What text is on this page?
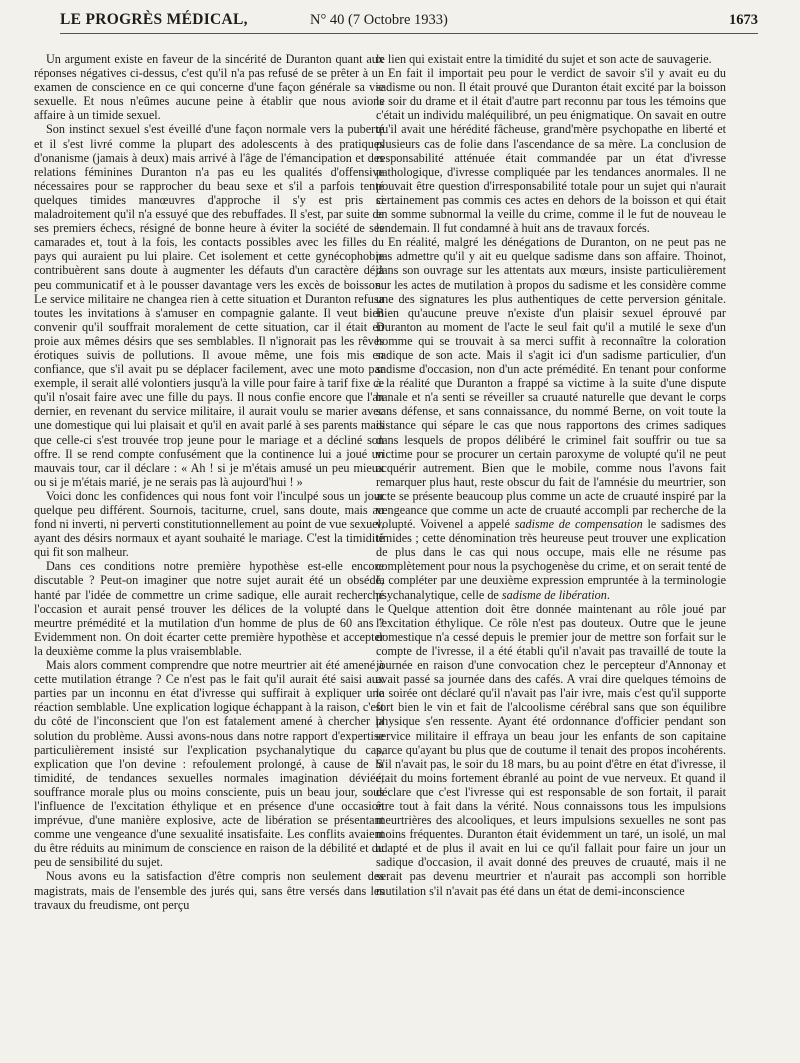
LE PROGRÈS MÉDICAL,	N° 40 (7 Octobre 1933)	1673

Un argument existe en faveur de la sincérité de Duranton quant aux réponses négatives ci-dessus, c'est qu'il n'a pas refusé de se prêter à un examen de conscience en ce qui concerne d'une façon générale sa vie sexuelle. Et nous n'eûmes aucune peine à établir que nous avions affaire à un timide sexuel.

Son instinct sexuel s'est éveillé d'une façon normale vers la puberté et il s'est livré comme la plupart des adolescents à des pratiques d'onanisme (jamais à deux) mais arrivé à l'âge de l'émancipation et des relations féminines Duranton n'a pas eu les qualités d'offensive nécessaires pour se rapprocher du beau sexe et s'il a parfois tenté quelques timides manœuvres d'approche il s'y est pris si maladroitement qu'il n'a essuyé que des rebuffades. Il s'est, par suite de ses premiers échecs, résigné de bonne heure à éviter la société de ses camarades et, tout à la fois, les contacts possibles avec les filles du pays qui auraient pu lui plaire. Cet isolement et cette gynécophobie contribuèrent sans doute à augmenter les défauts d'un caractère déjà peu communicatif et à le pousser davantage vers les excès de boisson. Le service militaire ne changea rien à cette situation et Duranton refusa toutes les invitations à s'amuser en compagnie galante. Il veut bien convenir qu'il souffrait moralement de cette situation, car il était en proie aux mêmes désirs que ses semblables. Il n'ignorait pas les rêves érotiques suivis de pollutions. Il avoue même, une fois mis en confiance, que s'il avait pu se déplacer facilement, avec une moto par exemple, il serait allé volontiers jusqu'à la ville pour faire à tarif fixe ce qu'il n'osait faire avec une fille du pays. Il nous confie encore que l'an dernier, en revenant du service militaire, il aurait voulu se marier avec une domestique qui lui plaisait et qu'il en avait parlé à ses parents mais que celle-ci s'est trouvée trop jeune pour le mariage et a décliné son offre. Il se rend compte confusément que la continence lui a joué un mauvais tour, car il déclare : « Ah ! si je m'étais amusé un peu mieux ou si je m'étais marié, je ne serais pas là aujourd'hui ! »

Voici donc les confidences qui nous font voir l'inculpé sous un jour quelque peu différent. Sournois, taciturne, cruel, sans doute, mais au fond ni inverti, ni perverti constitutionnellement au point de vue sexuel, ayant des désirs normaux et ayant souhaité le mariage. C'est la timidité qui fit son malheur.

Dans ces conditions notre première hypothèse est-elle encore discutable ? Peut-on imaginer que notre sujet aurait été un obsédé, hanté par l'idée de commettre un crime sadique, elle aurait recherché l'occasion et aurait pensé trouver les délices de la volupté dans le meurtre prémédité et la mutilation d'un homme de plus de 60 ans ? Evidemment non. On doit écarter cette première hypothèse et accepter la deuxième comme la plus vraisemblable.

Mais alors comment comprendre que notre meurtrier ait été amené à cette mutilation étrange ? Ce n'est pas le fait qu'il aurait été saisi aux parties par un inconnu en état d'ivresse qui suffirait à expliquer une réaction semblable. Une explication logique échappant à la raison, c'est du côté de l'inconscient que l'on est fatalement amené à chercher la solution du problème. Aussi avons-nous dans notre rapport d'expertise particulièrement insisté sur l'explication psychanalytique du cas, explication que l'on devine : refoulement prolongé, à cause de la timidité, de tendances sexuelles normales imagination déviée, souffrance morale plus ou moins consciente, puis un beau jour, sous l'influence de l'excitation éthylique et en présence d'une occasion imprévue, d'une manière explosive, acte de libération se présentant comme une vengeance d'une sexualité insatisfaite. Les conflits avaient du être réduits au minimum de conscience en raison de la débilité et du peu de sensibilité du sujet.

Nous avons eu la satisfaction d'être compris non seulement des magistrats, mais de l'ensemble des jurés qui, sans être versés dans les travaux du freudisme, ont perçu

le lien qui existait entre la timidité du sujet et son acte de sauvagerie.

En fait il importait peu pour le verdict de savoir s'il y avait eu du sadisme ou non. Il était prouvé que Duranton était excité par la boisson le soir du drame et il était d'autre part reconnu par tous les témoins que c'était un individu maléquilibré, un peu énigmatique. On savait en outre qu'il avait une hérédité fâcheuse, grand'mère psychopathe en liberté et plusieurs cas de folie dans l'ascendance de sa mère. La conclusion de responsabilité atténuée était commandée par un état d'ivresse pathologique, d'ivresse compliquée par les tendances anormales. Il ne pouvait être question d'irresponsabilité totale pour un sujet qui n'aurait certainement pas commis ces actes en dehors de la boisson et qui était en somme subnormal la veille du crime, comme il le fut de nouveau le lendemain. Il fut condamné à huit ans de travaux forcés.

En réalité, malgré les dénégations de Duranton, on ne peut pas ne pas admettre qu'il y ait eu quelque sadisme dans son affaire. Thoinot, dans son ouvrage sur les attentats aux mœurs, insiste particulièrement sur les actes de mutilation à propos du sadisme et les considère comme une des signatures les plus authentiques de cette perversion génitale. Bien qu'aucune preuve n'existe d'un plaisir sexuel éprouvé par Duranton au moment de l'acte le seul fait qu'il a mutilé le sexe d'un homme qui se trouvait à sa merci suffit à reconnaître la coloration sadique de son acte. Mais il s'agit ici d'un sadisme particulier, d'un sadisme d'occasion, non d'un acte prémédité. En tenant pour conforme à la réalité que Duranton a frappé sa victime à la suite d'une dispute banale et n'a senti se réveiller sa cruauté naturelle que devant le corps sans défense, et sans connaissance, du nommé Berne, on voit toute la distance qui sépare le cas que nous rapportons des crimes sadiques dans lesquels de propos délibéré le criminel fait souffrir ou tue sa victime pour se procurer un certain paroxyme de volupté qu'il ne peut acquérir autrement. Bien que le mobile, comme nous l'avons fait remarquer plus haut, reste obscur du fait de l'amnésie du meurtrier, son acte se présente beaucoup plus comme un acte de cruauté inspiré par la vengeance que comme un acte de cruauté accompli par recherche de la volupté. Voivenel a appelé sadisme de compensation le sadismes des timides ; cette dénomination très heureuse peut trouver une explication de plus dans le cas qui nous occupe, mais elle ne résume pas complètement pour nous la psychogenèse du crime, et on serait tenté de la compléter par une deuxième expression empruntée à la terminologie psychanalytique, celle de sadisme de libération.

Quelque attention doit être donnée maintenant au rôle joué par l'excitation éthylique. Ce rôle n'est pas douteux. Outre que le jeune domestique n'a cessé depuis le premier jour de mettre son forfait sur le compte de l'ivresse, il a été établi qu'il n'avait pas travaillé de toute la journée en raison d'une convocation chez le percepteur d'Annonay et avait passé sa journée dans des cafés. A vrai dire quelques témoins de la soirée ont déclaré qu'il n'avait pas l'air ivre, mais c'est qu'il supporte fort bien le vin et fait de l'alcoolisme cérébral sans que son équilibre physique s'en ressente. Ayant été ordonnance d'officier pendant son service militaire il effraya un beau jour les enfants de son capitaine parce qu'ayant bu plus que de coutume il tenait des propos incohérents. S'il n'avait pas, le soir du 18 mars, bu au point d'être en état d'ivresse, il était du moins fortement ébranlé au point de vue nerveux. Et quand il déclare que c'est l'ivresse qui est responsable de son fortait, il parait être tout à fait dans la vérité. Nous connaissons tous les impulsions meurtrières des alcooliques, et leurs impulsions sexuelles ne sont pas moins fréquentes. Duranton était évidemment un taré, un isolé, un mal adapté et de plus il avait en lui ce qu'il fallait pour faire un jour un sadique d'occasion, il avait donné des preuves de cruauté, mais il ne serait pas devenu meurtrier et n'aurait pas accompli son horrible mutilation s'il n'avait pas été dans un état de demi-inconscience
